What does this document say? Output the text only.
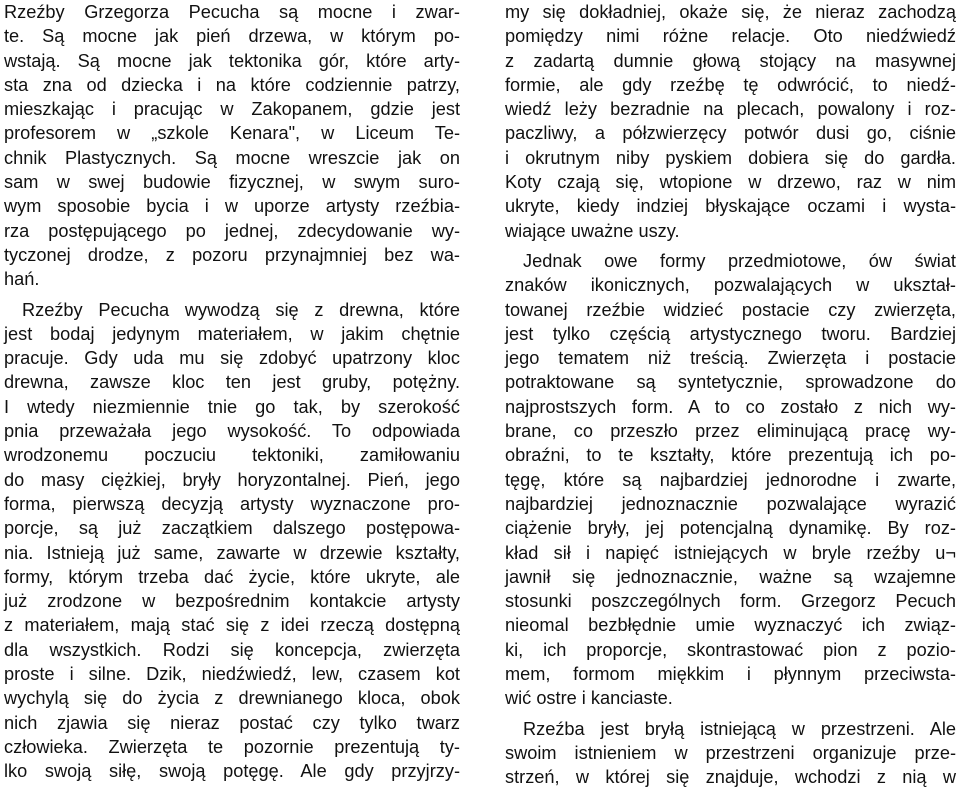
Rzeźby Grzegorza Pecucha są mocne i zwar-
te. Są mocne jak pień drzewa, w którym po-
wstają. Są mocne jak tektonika gór, które arty-
sta zna od dziecka i na które codziennie patrzy,
mieszkając i pracując w Zakopanem, gdzie jest
profesorem w „szkole Kenara", w Liceum Te-
chnik Plastycznych. Są mocne wreszcie jak on
sam w swej budowie fizycznej, w swym suro-
wym sposobie bycia i w uporze artysty rzeźbia-
rza postępującego po jednej, zdecydowanie wy-
tyczonej drodze, z pozoru przynajmniej bez wa-
hań.
Rzeźby Pecucha wywodzą się z drewna, które
jest bodaj jedynym materiałem, w jakim chętnie
pracuje. Gdy uda mu się zdobyć upatrzony kloc
drewna, zawsze kloc ten jest gruby, potężny.
I wtedy niezmiennie tnie go tak, by szerokość
pnia przeważała jego wysokość. To odpowiada
wrodzonemu poczuciu tektoniki, zamiłowaniu
do masy ciężkiej, bryły horyzontalnej. Pień, jego
forma, pierwszą decyzją artysty wyznaczone pro-
porcje, są już zaczątkiem dalszego postępowa-
nia. Istnieją już same, zawarte w drzewie kształty,
formy, którym trzeba dać życie, które ukryte, ale
już zrodzone w bezpośrednim kontakcie artysty
z materiałem, mają stać się z idei rzeczą dostępną
dla wszystkich. Rodzi się koncepcja, zwierzęta
proste i silne. Dzik, niedźwiedź, lew, czasem kot
wychylą się do życia z drewnianego kloca, obok
nich zjawia się nieraz postać czy tylko twarz
człowieka. Zwierzęta te pozornie prezentują ty-
lko swoją siłę, swoją potęgę. Ale gdy przyjrzy-
my się dokładniej, okaże się, że nieraz zachodzą
pomiędzy nimi różne relacje. Oto niedźwiedź
z zadartą dumnie głową stojący na masywnej
formie, ale gdy rzeźbę tę odwrócić, to niedź-
wiedź leży bezradnie na plecach, powalony i roz-
paczliwy, a półzwierzęcy potwór dusi go, ciśnie
i okrutnym niby pyskiem dobiera się do gardła.
Koty czają się, wtopione w drzewo, raz w nim
ukryte, kiedy indziej błyskające oczami i wysta-
wiające uważne uszy.
Jednak owe formy przedmiotowe, ów świat
znaków ikonicznych, pozwalających w ukształ-
towanej rzeźbie widzieć postacie czy zwierzęta,
jest tylko częścią artystycznego tworu. Bardziej
jego tematem niż treścią. Zwierzęta i postacie
potraktowane są syntetycznie, sprowadzone do
najprostszych form. A to co zostało z nich wy-
brane, co przeszło przez eliminującą pracę wy-
obraźni, to te kształty, które prezentują ich po-
tęgę, które są najbardziej jednorodne i zwarte,
najbardziej jednoznacznie pozwalające wyrazić
ciążenie bryły, jej potencjalną dynamikę. By roz-
kład sił i napięć istniejących w bryle rzeźby u¬
jawnił się jednoznacznie, ważne są wzajemne
stosunki poszczególnych form. Grzegorz Pecuch
nieomal bezbłędnie umie wyznaczyć ich związ-
ki, ich proporcje, skontrastować pion z pozio-
mem, formom miękkim i płynnym przeciwsta-
wić ostre i kanciaste.
Rzeźba jest bryłą istniejącą w przestrzeni. Ale
swoim istnieniem w przestrzeni organizuje prze-
strzeń, w której się znajduje, wchodzi z nią w
